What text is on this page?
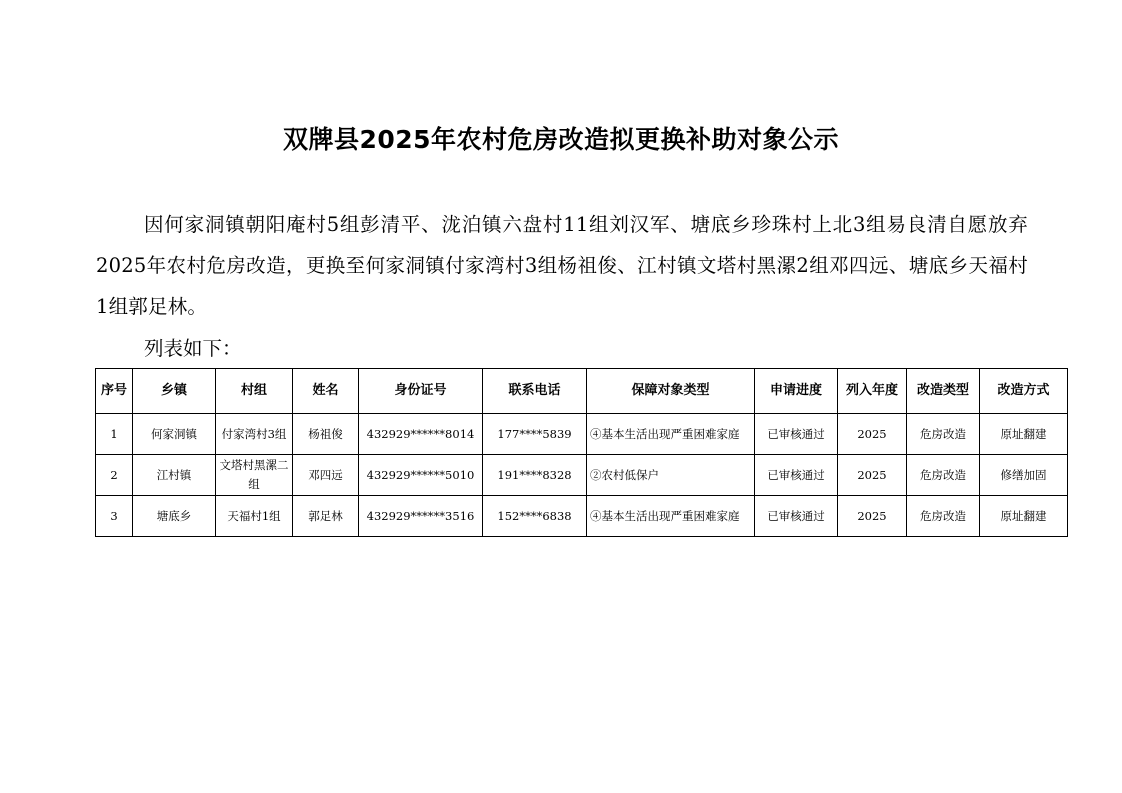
双牌县2025年农村危房改造拟更换补助对象公示
因何家洞镇朝阳庵村5组彭清平、泷泊镇六盘村11组刘汉军、塘底乡珍珠村上北3组易良清自愿放弃2025年农村危房改造，更换至何家洞镇付家湾村3组杨祖俊、江村镇文塔村黑漯2组邓四远、塘底乡天福村1组郭足林。
列表如下：
序号	乡镇	村组	姓名	身份证号	联系电话	保障对象类型	申请进度	列入年度	改造类型	改造方式
1	何家洞镇	付家湾村3组	杨祖俊	432929******8014	177****5839	④基本生活出现严重困难家庭	已审核通过	2025	危房改造	原址翻建
2	江村镇	文塔村黑漯二组	邓四远	432929******5010	191****8328	②农村低保户	已审核通过	2025	危房改造	修缮加固
3	塘底乡	天福村1组	郭足林	432929******3516	152****6838	④基本生活出现严重困难家庭	已审核通过	2025	危房改造	原址翻建
